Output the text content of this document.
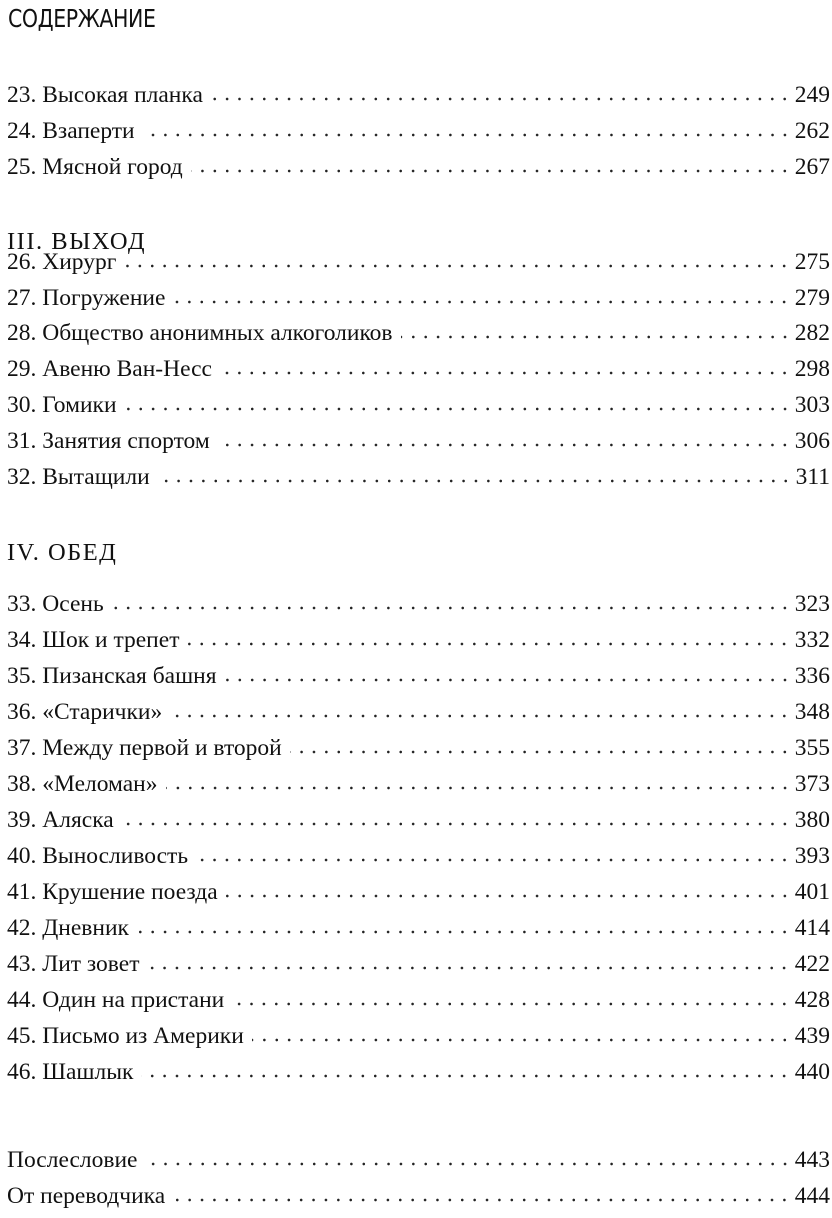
СОДЕРЖАНИЕ
23. Высокая планка	249
24. Взаперти	262
25. Мясной город	267
III. ВЫХОД
26. Хирург	275
27. Погружение	279
28. Общество анонимных алкоголиков	282
29. Авеню Ван-Несс	298
30. Гомики	303
31. Занятия спортом	306
32. Вытащили	311
IV. ОБЕД
33. Осень	323
34. Шок и трепет	332
35. Пизанская башня	336
36. «Старички»	348
37. Между первой и второй	355
38. «Меломан»	373
39. Аляска	380
40. Выносливость	393
41. Крушение поезда	401
42. Дневник	414
43. Лит зовет	422
44. Один на пристани	428
45. Письмо из Америки	439
46. Шашлык	440
Послесловие	443
От переводчика	444
